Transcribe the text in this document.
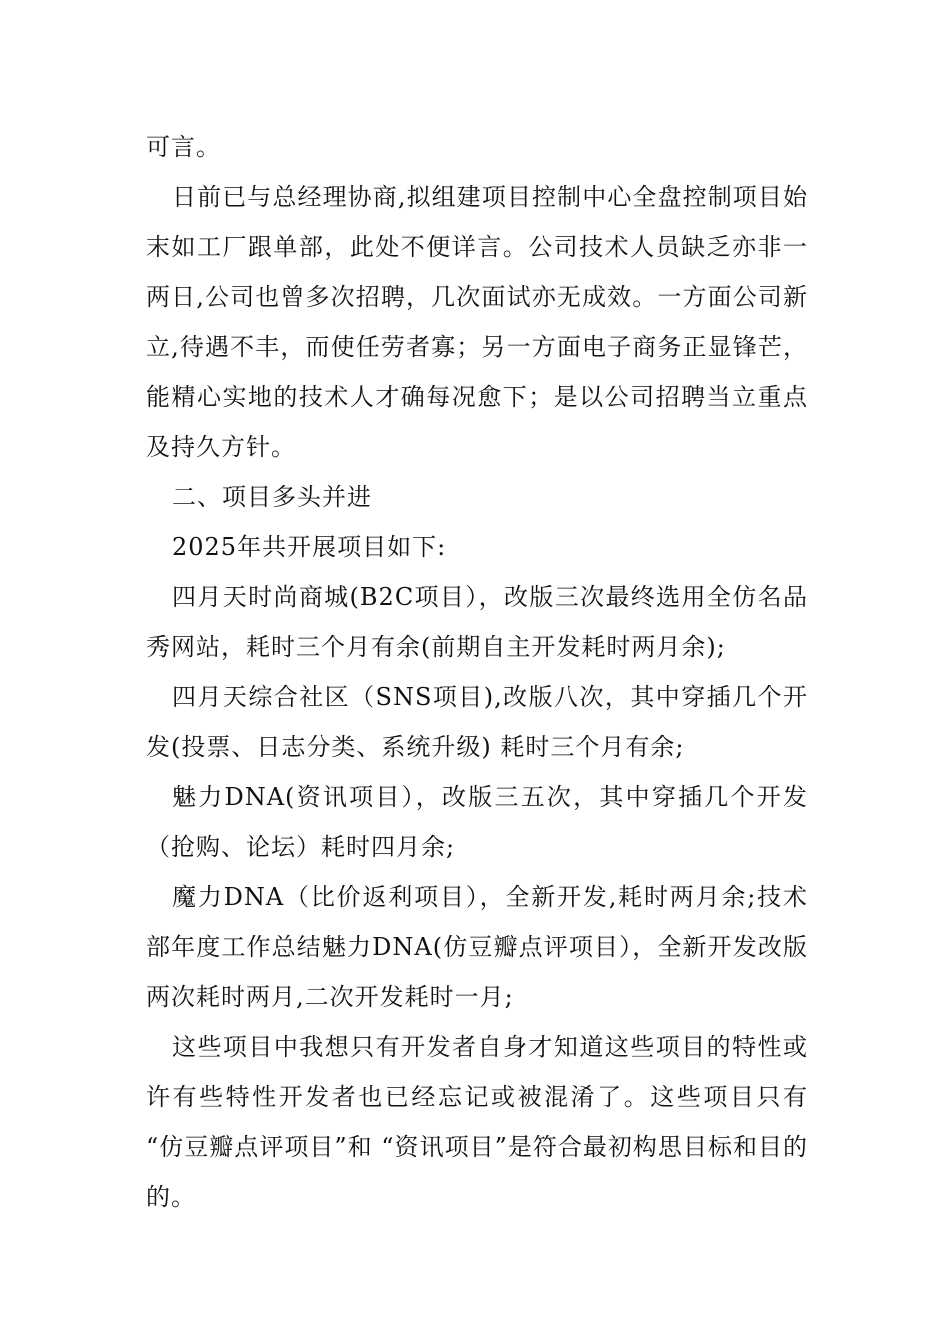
可言。

日前已与总经理协商,拟组建项目控制中心全盘控制项目始末如工厂跟单部，此处不便详言。公司技术人员缺乏亦非一两日,公司也曾多次招聘，几次面试亦无成效。一方面公司新立,待遇不丰，而使任劳者寡；另一方面电子商务正显锋芒，能精心实地的技术人才确每况愈下；是以公司招聘当立重点及持久方针。

二、项目多头并进

2025年共开展项目如下:

四月天时尚商城(B2C项目），改版三次最终选用全仿名品秀网站，耗时三个月有余(前期自主开发耗时两月余);

四月天综合社区（SNS项目),改版八次，其中穿插几个开发(投票、日志分类、系统升级) 耗时三个月有余;

魅力DNA(资讯项目），改版三五次，其中穿插几个开发（抢购、论坛）耗时四月余;

魔力DNA（比价返利项目），全新开发,耗时两月余;技术部年度工作总结魅力DNA(仿豆瓣点评项目），全新开发改版两次耗时两月,二次开发耗时一月;

这些项目中我想只有开发者自身才知道这些项目的特性或许有些特性开发者也已经忘记或被混淆了。这些项目只有 “仿豆瓣点评项目”和 “资讯项目”是符合最初构思目标和目的的。
